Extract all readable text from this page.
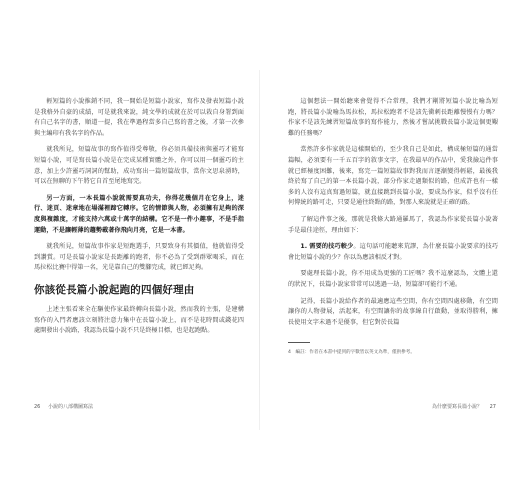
輕短篇的小說推銷不同，我一開始是短篇小說家，寫作及發表短篇小說是我格外自豪的成績，可是就我來說，純文學的成就在於可以栽自身署到面有自己名字的書，順道一提，我在準過程當多自己寫的書之後，才第一次參與主編印有我名字的作品。

就我所見，短篇故事的寫作值得受尊敬，你必須具備技術與靈巧才能寫短篇小說，可是寫長篇小說是在完成某種實體之外，你可以用一個靈巧的主意，加上少許靈巧詞詞的幫助，成功寫出一篇短篇故事，當你文思泉湧時，可以在無聊的下午將它自首至尾地寫完。

另一方面，一本長篇小說就需要真功夫，你得花幾個月在它身上，迷行、迷頁、迷章地在場滿裡蹄它轉序。它的情節與人物，必須擁有足夠的深度與複雜度，才能支持六萬或十萬字的結構。它不是一件小趣事，不是手指運動，不是讓輕薄的趨勢載著你飛向月亮，它是一本書。

就我所見，短篇故事作家是短跑選手，只要致身有其價值，他就值得受到讚賞。可是長篇小說家是長距離的跑者，你不必為了受到群眾喝采，而在馬拉松比賽中得第一名，光是靠自己的雙腳完成，就已經足夠。

你該從長篇小說起跑的四個好理由

上述主張看來全在驅使作家最終轉向長篇小說，然而我的主張，是建構寫作的入門者應該立刻將注意力集中在長篇小說上，而不是花時間或錢花四處開發出小說路，我認為長篇小說不只是終極目標，也是起跑點。

26 小說的八部構圖寫法

這個想法一開始聽來會覺得不合常理，我們才剛將短篇小說比喻為短跑，將長篇小說喻為馬拉松，馬拉松跑者不是該先衝刺長距離慢慢有力嗎？作家不是該先練習短篇故事的寫作能力，然後才嘗試挑戰長篇小說這個更艱難的任務嗎？

當然許多作家就是這樣開始的，至少我自己是如此，構成極短篇的通當篇幅，必須要有一千五百字的敘事文字，在我最早的作品中，愛我撿這件事就已經極度困難，後來，寫完一篇短篇故事對我而言逐漸變得輕鬆，最後我終於寫了自己的第一本長篇小說，部分作家走過類似的路，但成許也有一樣多的人沒有這真寫過短篇，就直接跳到長篇小說，要成為作家，似乎沒有任何傳統的路可走，只要是通往終點的路，對那人來說就是正確的路。

了解這件事之後，那就是我條大路通羅馬了，我認為作家從長篇小說著手是最佳途徑，理由如下：

1. 需要的技巧較少。這句話可能聽來荒謬，為什麼長篇小說要求的技巧會比短篇小說的少？你以為應該相反才對。

要處理長篇小說，你不用成為更強的工匠嗎？我不這麼認為，文體上還的狀況下，長篇小說家常常可以逃過一劫，短篇卻可能行不通。

記得，長篇小說給作者的最適應這些空間，你有空間四處移動，有空間讓你的人物發展，活起來，有空間讓你的故事線自行啟動，並取得勝利，擁長使用文字未過不是優事，但它對於長篇

4　編註：作者在本書中提到的字數皆以英文為準，僅供參考。

為什麼要寫長篇小說？ 27
